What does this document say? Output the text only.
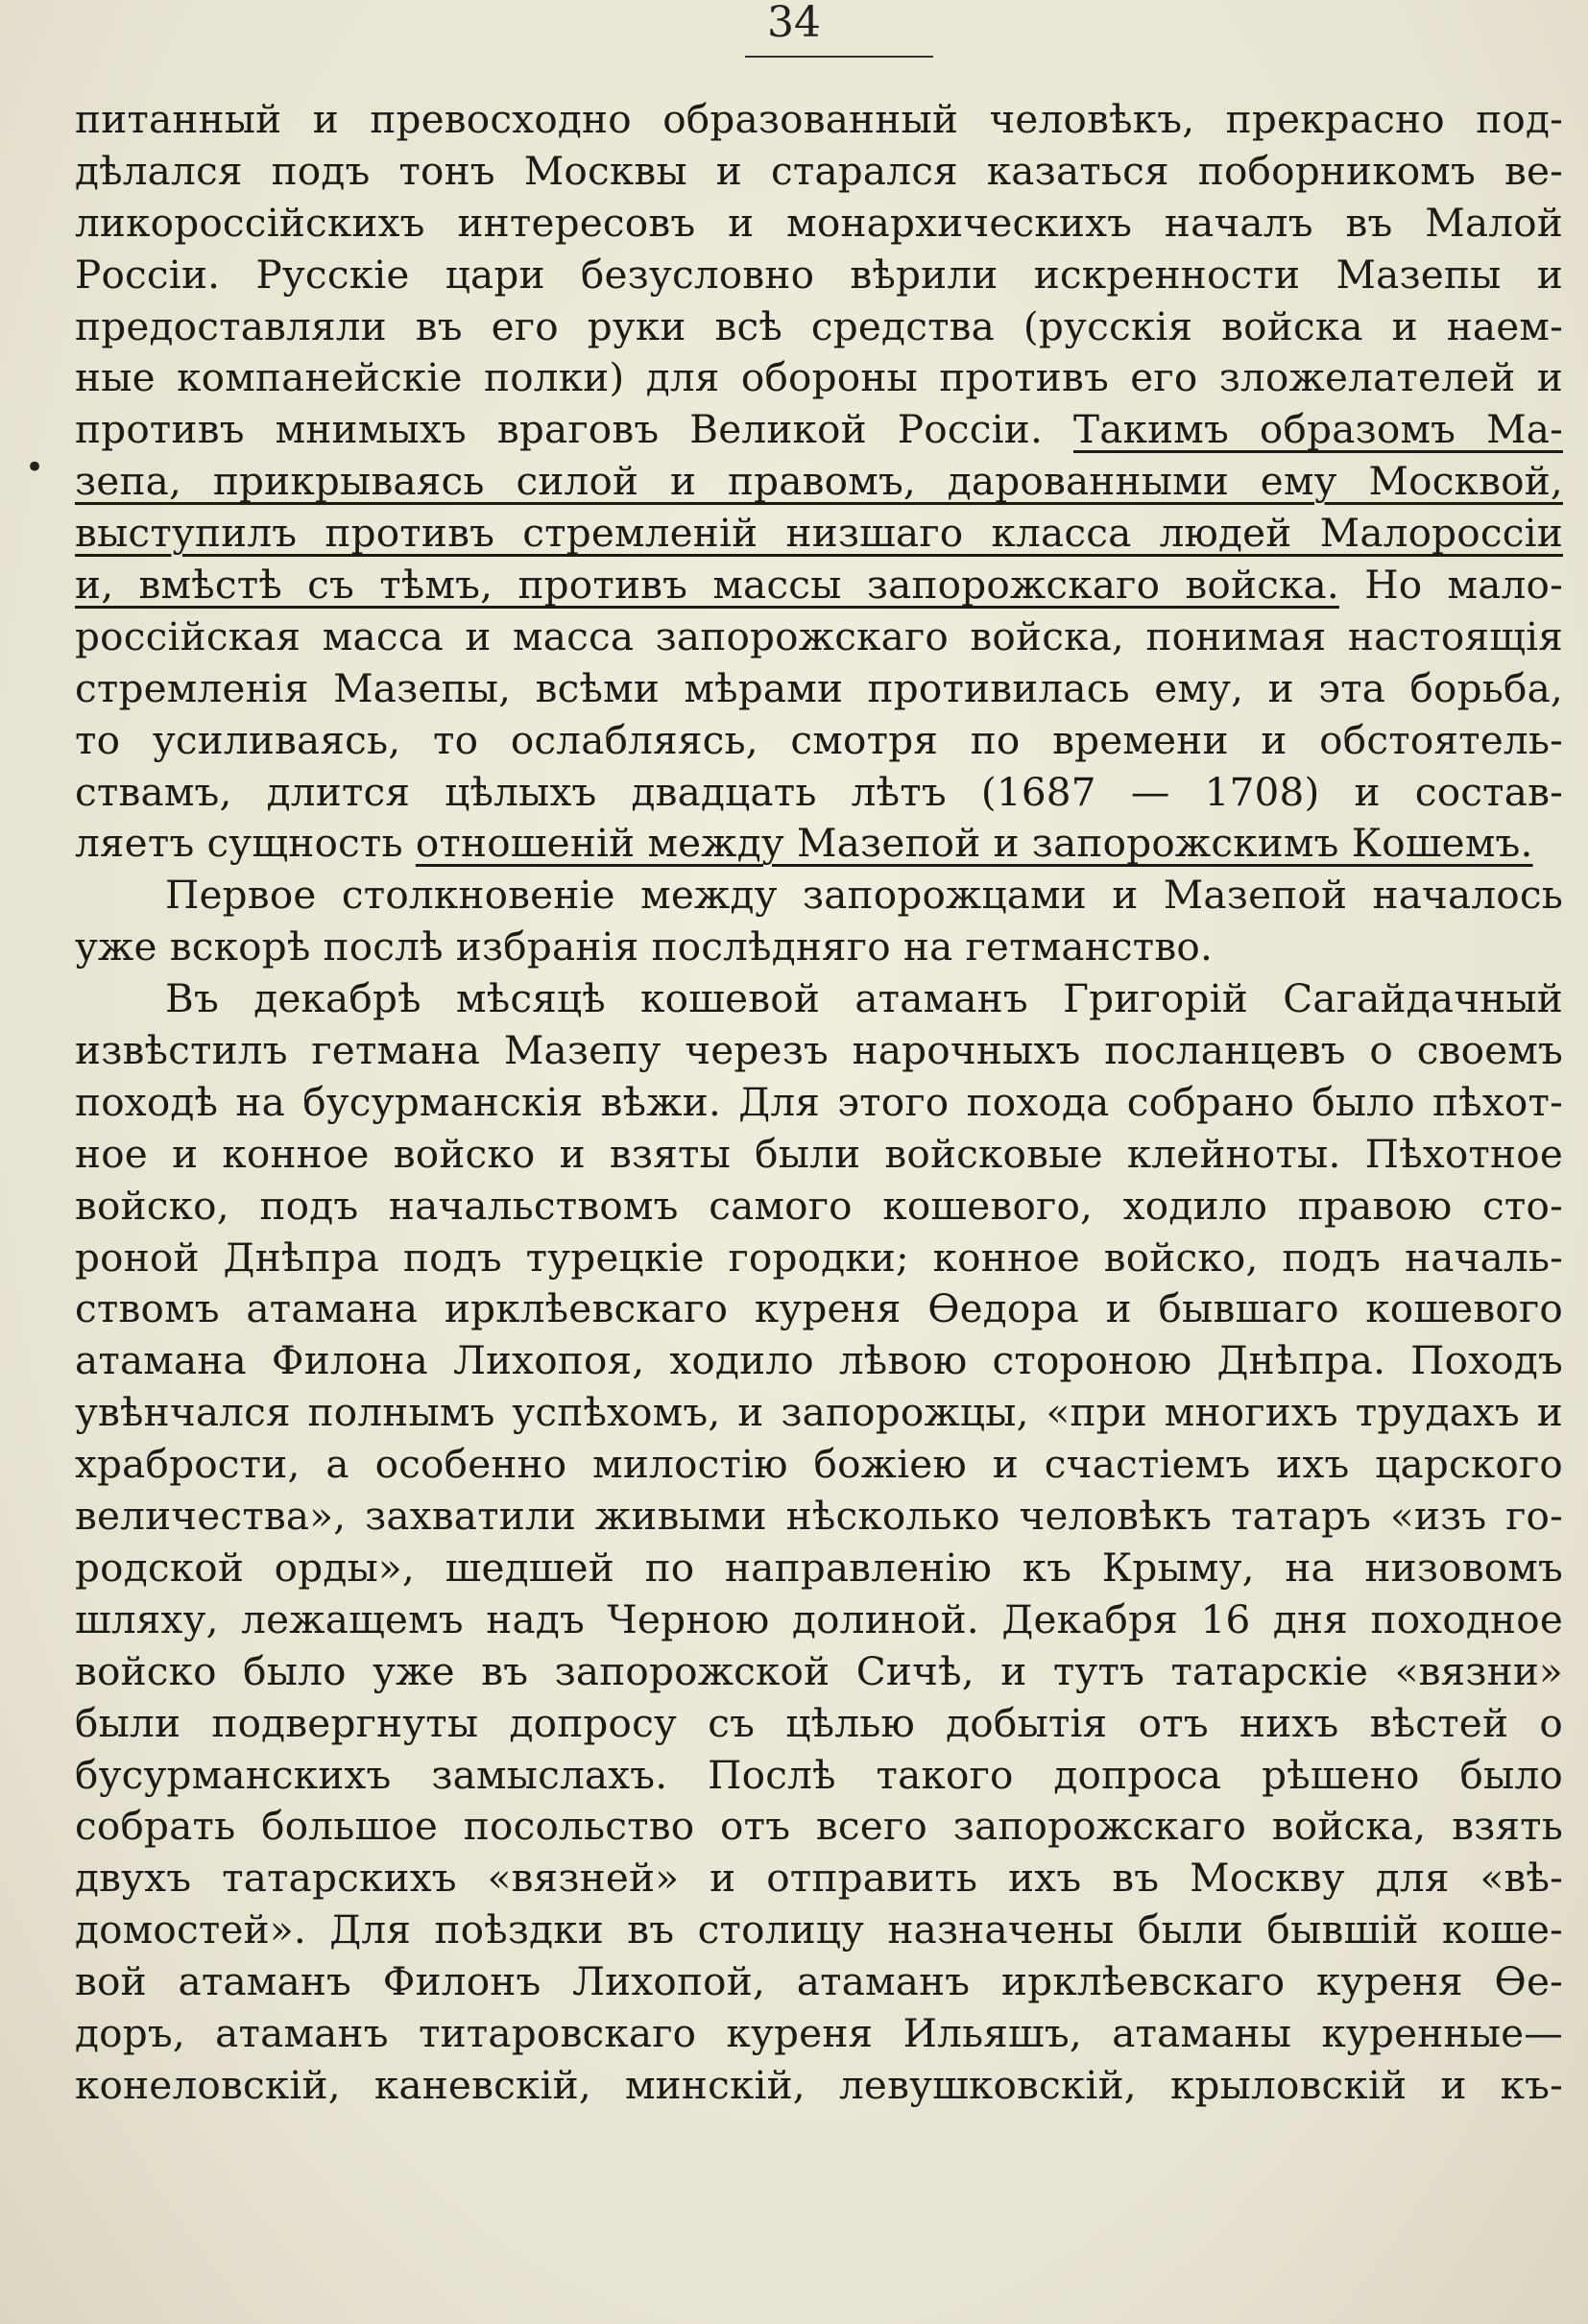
34
•
питанный и превосходно образованный человѣкъ, прекрасно под-
дѣлался подъ тонъ Москвы и старался казаться поборникомъ ве-
ликороссійскихъ интересовъ и монархическихъ началъ въ Малой
Россіи. Русскіе цари безусловно вѣрили искренности Мазепы и
предоставляли въ его руки всѣ средства (русскія войска и наем-
ные компанейскіе полки) для обороны противъ его зложелателей и
противъ мнимыхъ враговъ Великой Россіи. Такимъ образомъ Ма-
зепа, прикрываясь силой и правомъ, дарованными ему Москвой,
выступилъ противъ стремленій низшаго класса людей Малороссіи
и, вмѣстѣ съ тѣмъ, противъ массы запорожскаго войска. Но мало-
россійская масса и масса запорожскаго войска, понимая настоящія
стремленія Мазепы, всѣми мѣрами противилась ему, и эта борьба,
то усиливаясь, то ослабляясь, смотря по времени и обстоятель-
ствамъ, длится цѣлыхъ двадцать лѣтъ (1687 — 1708) и состав-
ляетъ сущность отношеній между Мазепой и запорожскимъ Кошемъ.
Первое столкновеніе между запорожцами и Мазепой началось
уже вскорѣ послѣ избранія послѣдняго на гетманство.
Въ декабрѣ мѣсяцѣ кошевой атаманъ Григорій Сагайдачный
извѣстилъ гетмана Мазепу черезъ нарочныхъ посланцевъ о своемъ
походѣ на бусурманскія вѣжи. Для этого похода собрано было пѣхот-
ное и конное войско и взяты были войсковые клейноты. Пѣхотное
войско, подъ начальствомъ самого кошевого, ходило правою сто-
роной Днѣпра подъ турецкіе городки; конное войско, подъ началь-
ствомъ атамана ирклѣевскаго куреня Ѳедора и бывшаго кошевого
атамана Филона Лихопоя, ходило лѣвою стороною Днѣпра. Походъ
увѣнчался полнымъ успѣхомъ, и запорожцы, «при многихъ трудахъ и
храбрости, а особенно милостію божіею и счастіемъ ихъ царского
величества», захватили живыми нѣсколько человѣкъ татаръ «изъ го-
родской орды», шедшей по направленію къ Крыму, на низовомъ
шляху, лежащемъ надъ Черною долиной. Декабря 16 дня походное
войско было уже въ запорожской Сичѣ, и тутъ татарскіе «вязни»
были подвергнуты допросу съ цѣлью добытія отъ нихъ вѣстей о
бусурманскихъ замыслахъ. Послѣ такого допроса рѣшено было
собрать большое посольство отъ всего запорожскаго войска, взять
двухъ татарскихъ «вязней» и отправить ихъ въ Москву для «вѣ-
домостей». Для поѣздки въ столицу назначены были бывшій коше-
вой атаманъ Филонъ Лихопой, атаманъ ирклѣевскаго куреня Ѳе-
доръ, атаманъ титаровскаго куреня Ильяшъ, атаманы куренные—
конеловскій, каневскій, минскій, левушковскій, крыловскій и къ-
